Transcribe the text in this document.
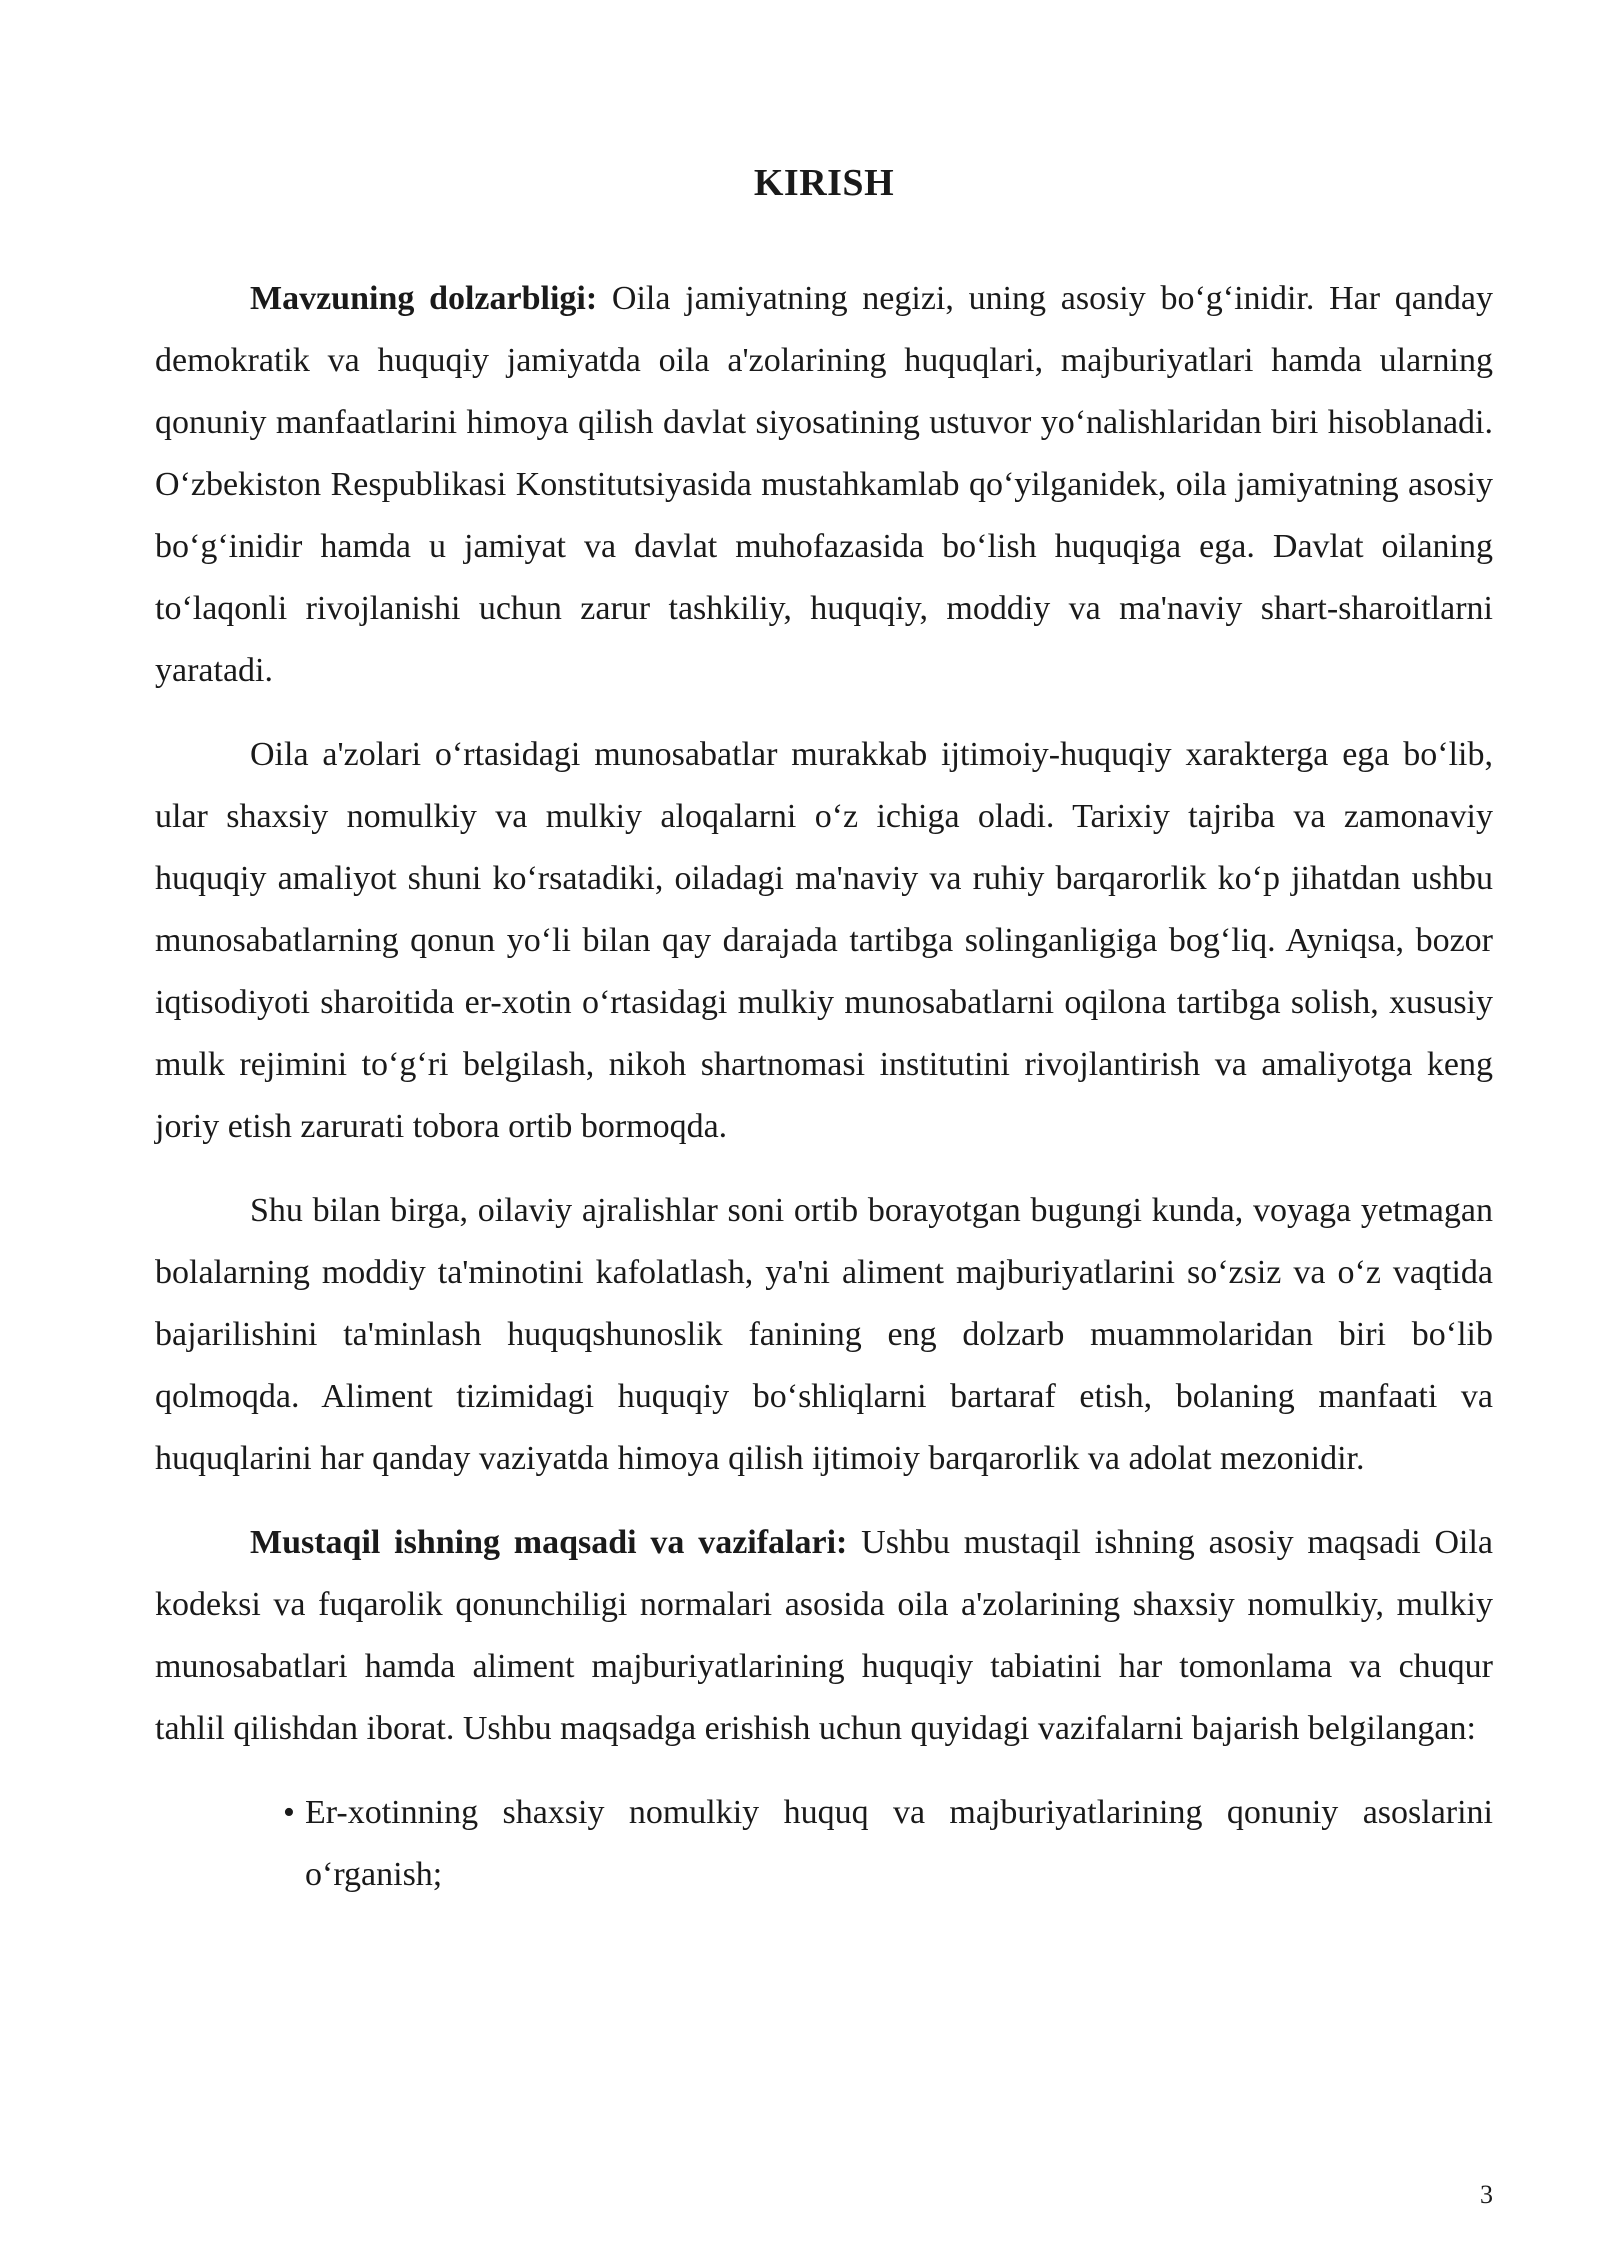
KIRISH

Mavzuning dolzarbligi: Oila jamiyatning negizi, uning asosiy bo‘g‘inidir. Har qanday demokratik va huquqiy jamiyatda oila a'zolarining huquqlari, majburiyatlari hamda ularning qonuniy manfaatlarini himoya qilish davlat siyosatining ustuvor yo‘nalishlaridan biri hisoblanadi. O‘zbekiston Respublikasi Konstitutsiyasida mustahkamlab qo‘yilganidek, oila jamiyatning asosiy bo‘g‘inidir hamda u jamiyat va davlat muhofazasida bo‘lish huquqiga ega. Davlat oilaning to‘laqonli rivojlanishi uchun zarur tashkiliy, huquqiy, moddiy va ma'naviy shart-sharoitlarni yaratadi.

Oila a'zolari o‘rtasidagi munosabatlar murakkab ijtimoiy-huquqiy xarakterga ega bo‘lib, ular shaxsiy nomulkiy va mulkiy aloqalarni o‘z ichiga oladi. Tarixiy tajriba va zamonaviy huquqiy amaliyot shuni ko‘rsatadiki, oiladagi ma'naviy va ruhiy barqarorlik ko‘p jihatdan ushbu munosabatlarning qonun yo‘li bilan qay darajada tartibga solinganligiga bog‘liq. Ayniqsa, bozor iqtisodiyoti sharoitida er-xotin o‘rtasidagi mulkiy munosabatlarni oqilona tartibga solish, xususiy mulk rejimini to‘g‘ri belgilash, nikoh shartnomasi institutini rivojlantirish va amaliyotga keng joriy etish zarurati tobora ortib bormoqda.

Shu bilan birga, oilaviy ajralishlar soni ortib borayotgan bugungi kunda, voyaga yetmagan bolalarning moddiy ta'minotini kafolatlash, ya'ni aliment majburiyatlarini so‘zsiz va o‘z vaqtida bajarilishini ta'minlash huquqshunoslik fanining eng dolzarb muammolaridan biri bo‘lib qolmoqda. Aliment tizimidagi huquqiy bo‘shliqlarni bartaraf etish, bolaning manfaati va huquqlarini har qanday vaziyatda himoya qilish ijtimoiy barqarorlik va adolat mezonidir.

Mustaqil ishning maqsadi va vazifalari: Ushbu mustaqil ishning asosiy maqsadi Oila kodeksi va fuqarolik qonunchiligi normalari asosida oila a'zolarining shaxsiy nomulkiy, mulkiy munosabatlari hamda aliment majburiyatlarining huquqiy tabiatini har tomonlama va chuqur tahlil qilishdan iborat. Ushbu maqsadga erishish uchun quyidagi vazifalarni bajarish belgilangan:

• Er-xotinning shaxsiy nomulkiy huquq va majburiyatlarining qonuniy asoslarini o‘rganish;
3
